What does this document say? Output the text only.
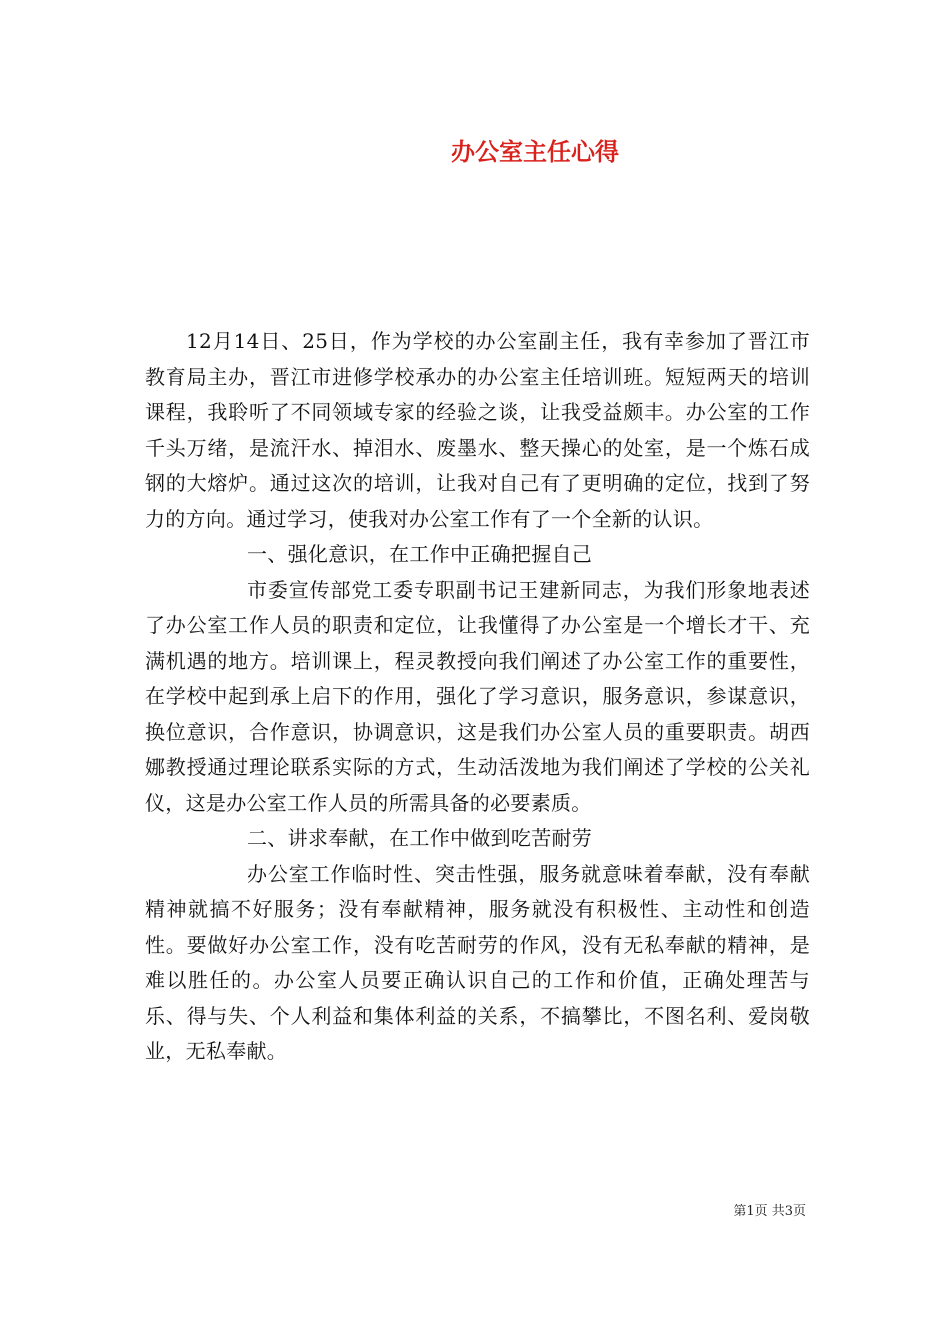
办公室主任心得

12月14日、25日，作为学校的办公室副主任，我有幸参加了晋江市教育局主办，晋江市进修学校承办的办公室主任培训班。短短两天的培训课程，我聆听了不同领域专家的经验之谈，让我受益颇丰。办公室的工作千头万绪，是流汗水、掉泪水、废墨水、整天操心的处室，是一个炼石成钢的大熔炉。通过这次的培训，让我对自己有了更明确的定位，找到了努力的方向。通过学习，使我对办公室工作有了一个全新的认识。

一、强化意识，在工作中正确把握自己

市委宣传部党工委专职副书记王建新同志，为我们形象地表述了办公室工作人员的职责和定位，让我懂得了办公室是一个增长才干、充满机遇的地方。培训课上，程灵教授向我们阐述了办公室工作的重要性，在学校中起到承上启下的作用，强化了学习意识，服务意识，参谋意识，换位意识，合作意识，协调意识，这是我们办公室人员的重要职责。胡西娜教授通过理论联系实际的方式，生动活泼地为我们阐述了学校的公关礼仪，这是办公室工作人员的所需具备的必要素质。

二、讲求奉献，在工作中做到吃苦耐劳

办公室工作临时性、突击性强，服务就意味着奉献，没有奉献精神就搞不好服务；没有奉献精神，服务就没有积极性、主动性和创造性。要做好办公室工作，没有吃苦耐劳的作风，没有无私奉献的精神，是难以胜任的。办公室人员要正确认识自己的工作和价值，正确处理苦与乐、得与失、个人利益和集体利益的关系，不搞攀比，不图名利、爱岗敬业，无私奉献。

第1页 共3页
